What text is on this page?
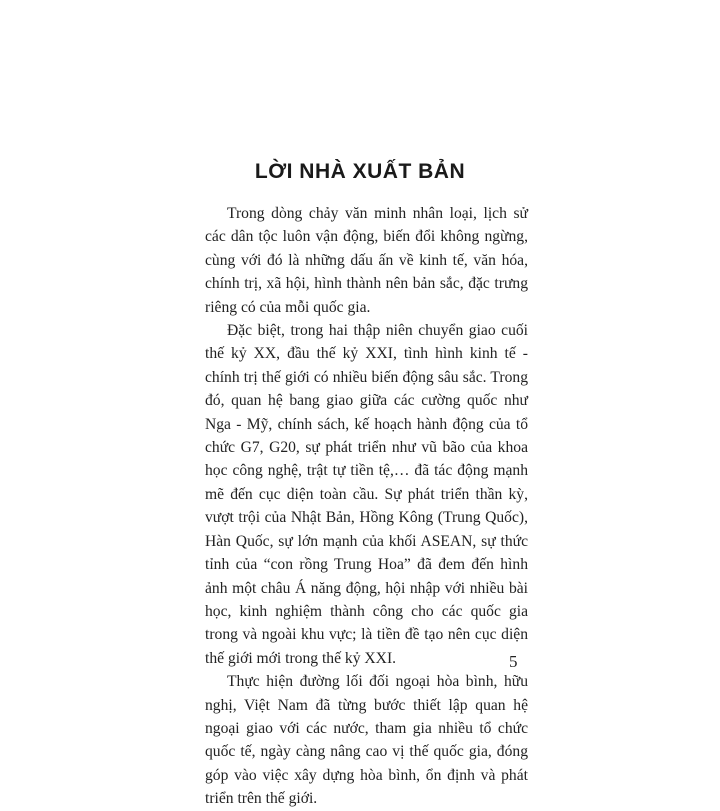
LỜI NHÀ XUẤT BẢN

Trong dòng chảy văn minh nhân loại, lịch sử các dân tộc luôn vận động, biến đổi không ngừng, cùng với đó là những dấu ấn về kinh tế, văn hóa, chính trị, xã hội, hình thành nên bản sắc, đặc trưng riêng có của mỗi quốc gia.

Đặc biệt, trong hai thập niên chuyển giao cuối thế kỷ XX, đầu thế kỷ XXI, tình hình kinh tế - chính trị thế giới có nhiều biến động sâu sắc. Trong đó, quan hệ bang giao giữa các cường quốc như Nga - Mỹ, chính sách, kế hoạch hành động của tổ chức G7, G20, sự phát triển như vũ bão của khoa học công nghệ, trật tự tiền tệ,… đã tác động mạnh mẽ đến cục diện toàn cầu. Sự phát triển thần kỳ, vượt trội của Nhật Bản, Hồng Kông (Trung Quốc), Hàn Quốc, sự lớn mạnh của khối ASEAN, sự thức tỉnh của “con rồng Trung Hoa” đã đem đến hình ảnh một châu Á năng động, hội nhập với nhiều bài học, kinh nghiệm thành công cho các quốc gia trong và ngoài khu vực; là tiền đề tạo nên cục diện thế giới mới trong thế kỷ XXI.

Thực hiện đường lối đối ngoại hòa bình, hữu nghị, Việt Nam đã từng bước thiết lập quan hệ ngoại giao với các nước, tham gia nhiều tổ chức quốc tế, ngày càng nâng cao vị thế quốc gia, đóng góp vào việc xây dựng hòa bình, ổn định và phát triển trên thế giới.

5
